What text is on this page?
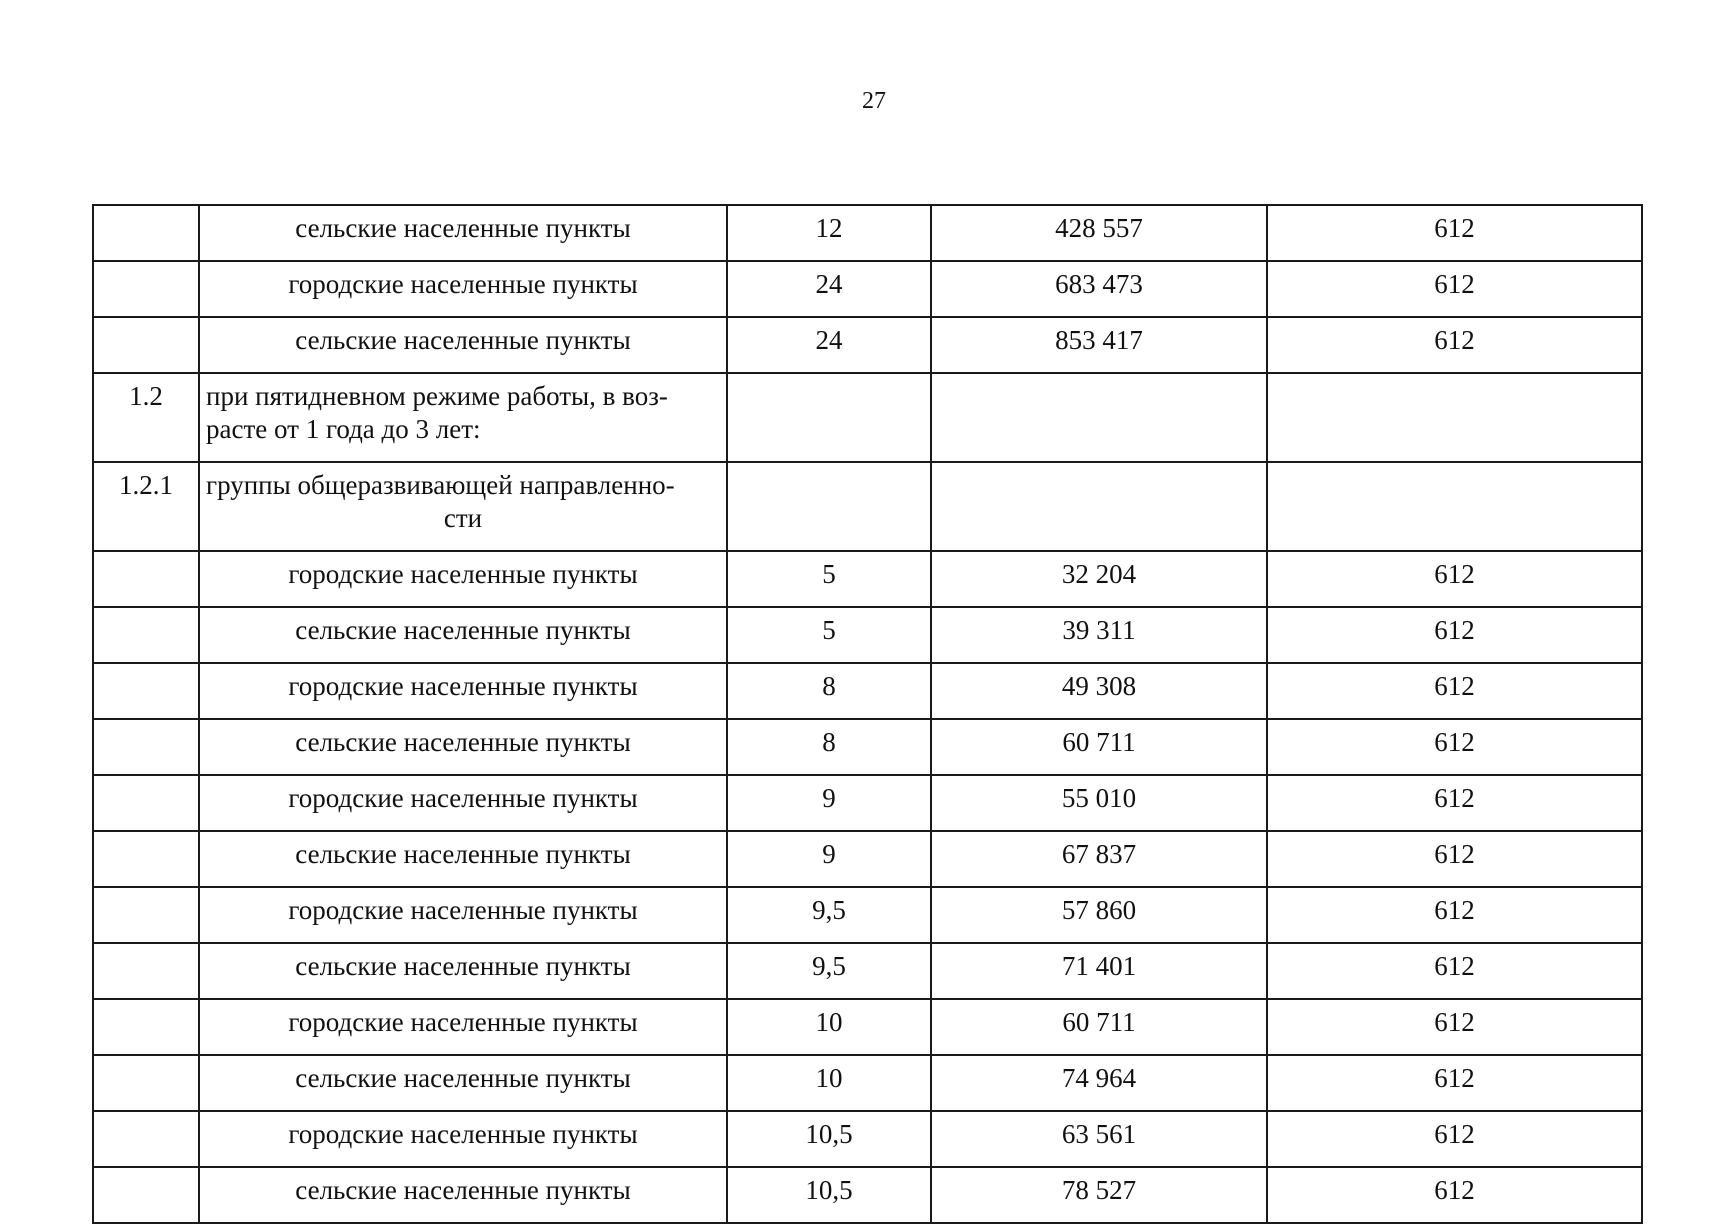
27

	сельские населенные пункты	12	428 557	612

	городские населенные пункты	24	683 473	612

	сельские населенные пункты	24	853 417	612
1.2	при пятидневном режиме работы, в воз-
расте от 1 года до 3 лет:			

1.2.1	группы общеразвивающей направленно-
сти			

	городские населенные пункты	5	32 204	612

	сельские населенные пункты	5	39 311	612

	городские населенные пункты	8	49 308	612

	сельские населенные пункты	8	60 711	612

	городские населенные пункты	9	55 010	612

	сельские населенные пункты	9	67 837	612

	городские населенные пункты	9,5	57 860	612

	сельские населенные пункты	9,5	71 401	612

	городские населенные пункты	10	60 711	612

	сельские населенные пункты	10	74 964	612

	городские населенные пункты	10,5	63 561	612

	сельские населенные пункты	10,5	78 527	612
